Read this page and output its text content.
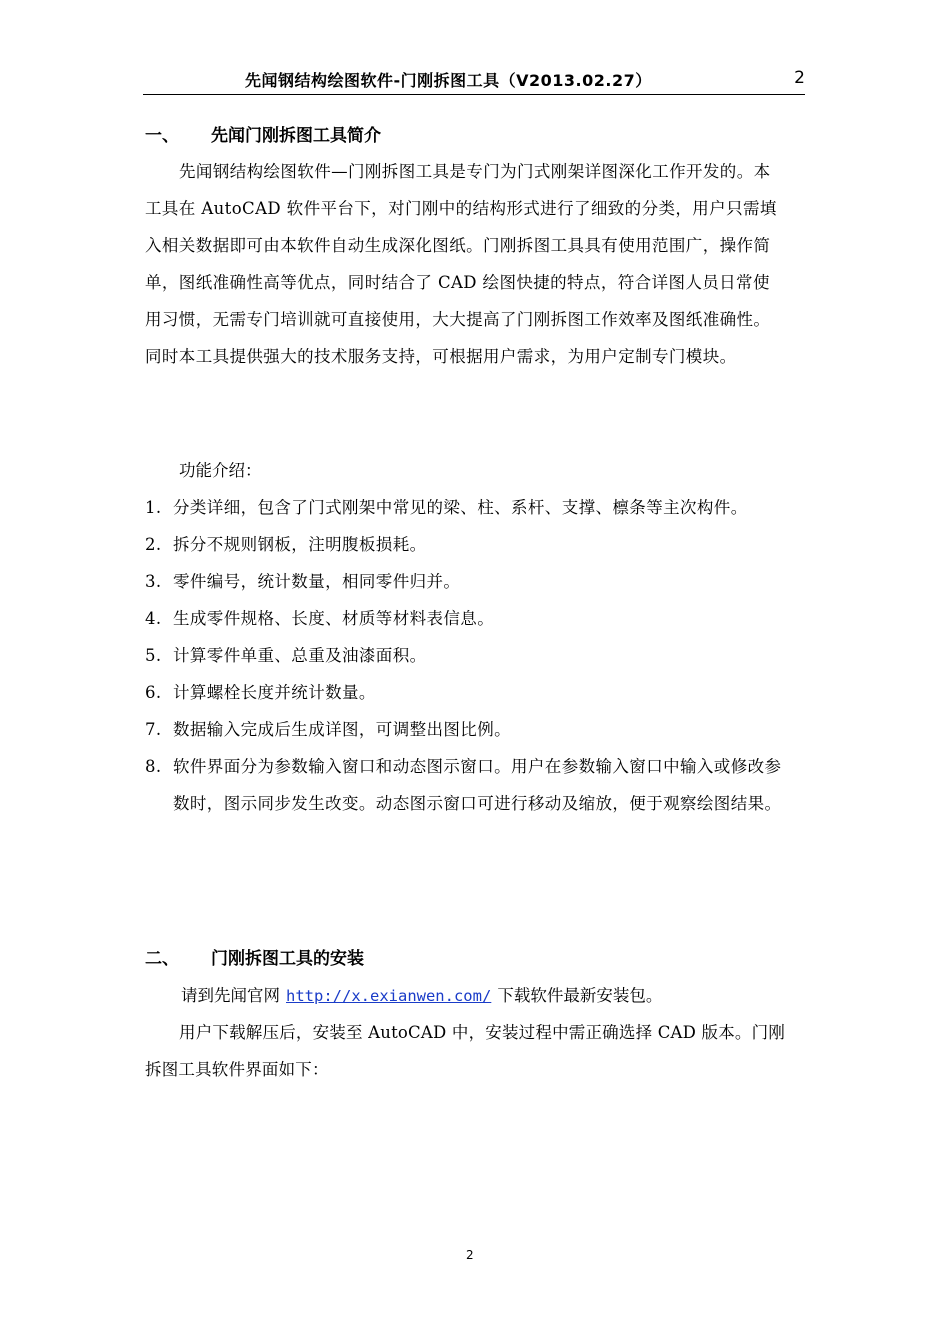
先闻钢结构绘图软件-门刚拆图工具（V2013.02.27）	2
一、 先闻门刚拆图工具简介
先闻钢结构绘图软件—门刚拆图工具是专门为门式刚架详图深化工作开发的。本工具在 AutoCAD 软件平台下，对门刚中的结构形式进行了细致的分类，用户只需填入相关数据即可由本软件自动生成深化图纸。门刚拆图工具具有使用范围广，操作简单，图纸准确性高等优点，同时结合了 CAD 绘图快捷的特点，符合详图人员日常使用习惯，无需专门培训就可直接使用，大大提高了门刚拆图工作效率及图纸准确性。同时本工具提供强大的技术服务支持，可根据用户需求，为用户定制专门模块。
功能介绍：
1. 分类详细，包含了门式刚架中常见的梁、柱、系杆、支撑、檩条等主次构件。
2. 拆分不规则钢板，注明腹板损耗。
3. 零件编号，统计数量，相同零件归并。
4. 生成零件规格、长度、材质等材料表信息。
5. 计算零件单重、总重及油漆面积。
6. 计算螺栓长度并统计数量。
7. 数据输入完成后生成详图，可调整出图比例。
8. 软件界面分为参数输入窗口和动态图示窗口。用户在参数输入窗口中输入或修改参数时，图示同步发生改变。动态图示窗口可进行移动及缩放，便于观察绘图结果。
二、 门刚拆图工具的安装
请到先闻官网 http://x.exianwen.com/ 下载软件最新安装包。
用户下载解压后，安装至 AutoCAD 中，安装过程中需正确选择 CAD 版本。门刚拆图工具软件界面如下：
2
